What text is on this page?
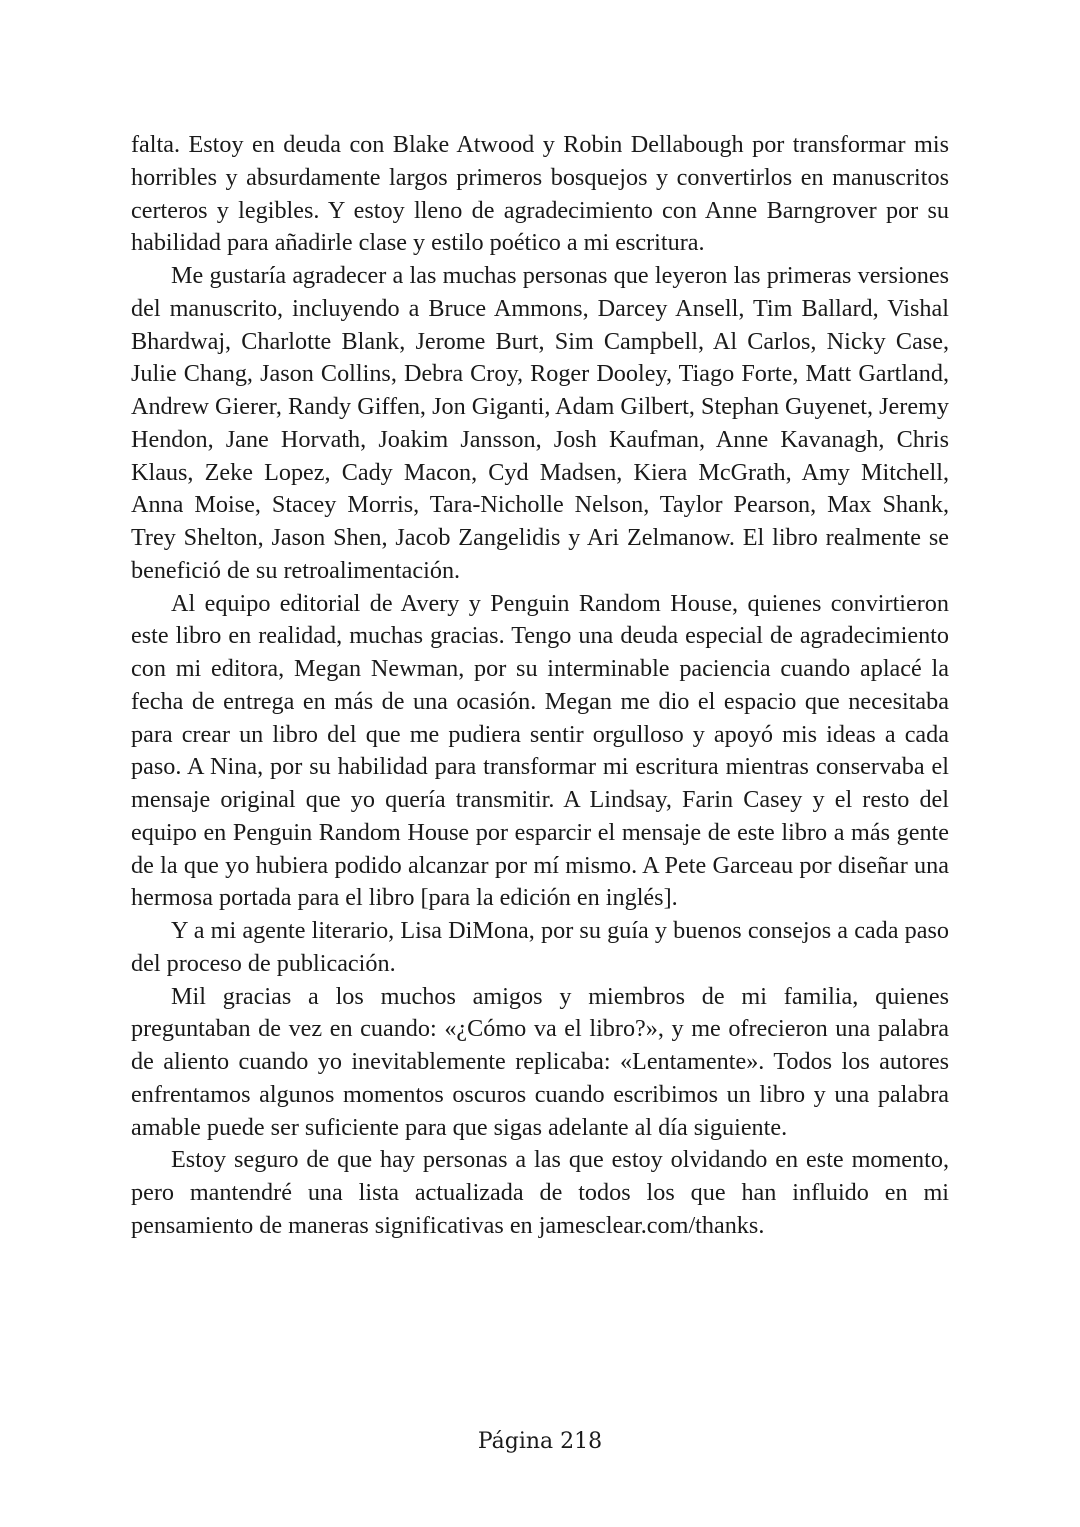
falta. Estoy en deuda con Blake Atwood y Robin Dellabough por transformar mis horribles y absurdamente largos primeros bosquejos y convertirlos en manuscritos certeros y legibles. Y estoy lleno de agradecimiento con Anne Barngrover por su habilidad para añadirle clase y estilo poético a mi escritura.

Me gustaría agradecer a las muchas personas que leyeron las primeras versiones del manuscrito, incluyendo a Bruce Ammons, Darcey Ansell, Tim Ballard, Vishal Bhardwaj, Charlotte Blank, Jerome Burt, Sim Campbell, Al Carlos, Nicky Case, Julie Chang, Jason Collins, Debra Croy, Roger Dooley, Tiago Forte, Matt Gartland, Andrew Gierer, Randy Giffen, Jon Giganti, Adam Gilbert, Stephan Guyenet, Jeremy Hendon, Jane Horvath, Joakim Jansson, Josh Kaufman, Anne Kavanagh, Chris Klaus, Zeke Lopez, Cady Macon, Cyd Madsen, Kiera McGrath, Amy Mitchell, Anna Moise, Stacey Morris, Tara-Nicholle Nelson, Taylor Pearson, Max Shank, Trey Shelton, Jason Shen, Jacob Zangelidis y Ari Zelmanow. El libro realmente se benefició de su retroalimentación.

Al equipo editorial de Avery y Penguin Random House, quienes convirtieron este libro en realidad, muchas gracias. Tengo una deuda especial de agradecimiento con mi editora, Megan Newman, por su interminable paciencia cuando aplacé la fecha de entrega en más de una ocasión. Megan me dio el espacio que necesitaba para crear un libro del que me pudiera sentir orgulloso y apoyó mis ideas a cada paso. A Nina, por su habilidad para transformar mi escritura mientras conservaba el mensaje original que yo quería transmitir. A Lindsay, Farin Casey y el resto del equipo en Penguin Random House por esparcir el mensaje de este libro a más gente de la que yo hubiera podido alcanzar por mí mismo. A Pete Garceau por diseñar una hermosa portada para el libro [para la edición en inglés].

Y a mi agente literario, Lisa DiMona, por su guía y buenos consejos a cada paso del proceso de publicación.

Mil gracias a los muchos amigos y miembros de mi familia, quienes preguntaban de vez en cuando: «¿Cómo va el libro?», y me ofrecieron una palabra de aliento cuando yo inevitablemente replicaba: «Lentamente». Todos los autores enfrentamos algunos momentos oscuros cuando escribimos un libro y una palabra amable puede ser suficiente para que sigas adelante al día siguiente.

Estoy seguro de que hay personas a las que estoy olvidando en este momento, pero mantendré una lista actualizada de todos los que han influido en mi pensamiento de maneras significativas en jamesclear.com/thanks.

Página 218
